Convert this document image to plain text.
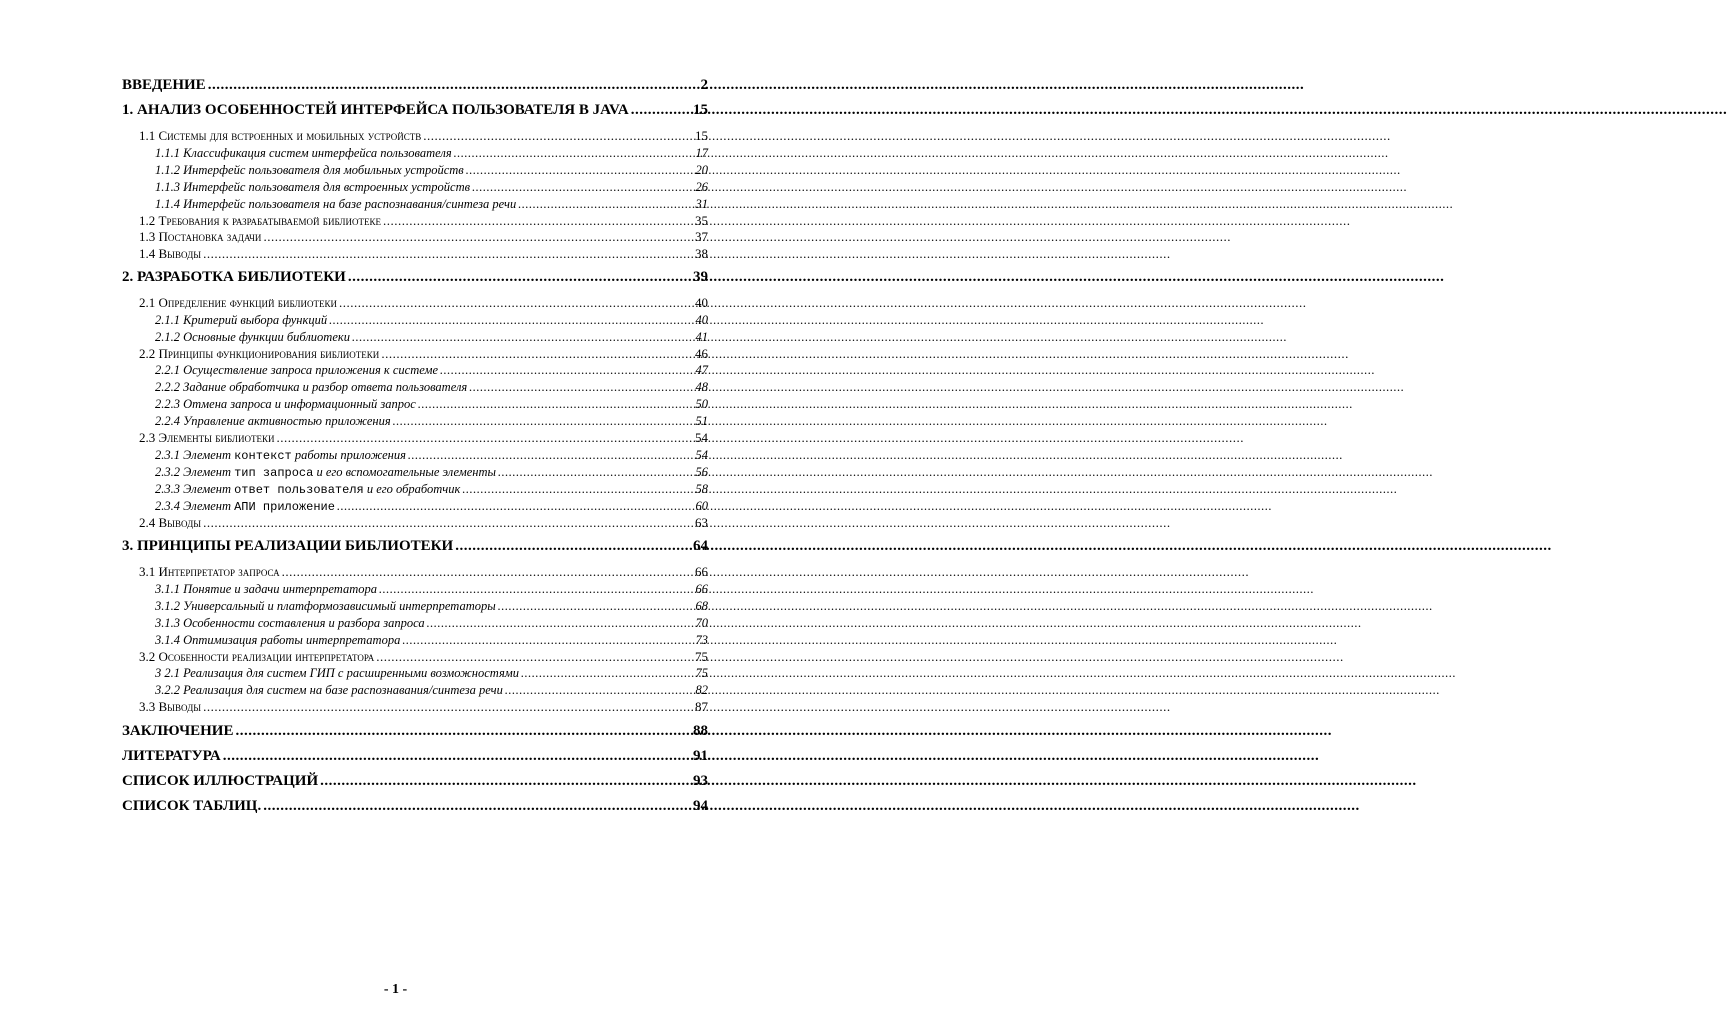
ВВЕДЕНИЕ .....	2
1. АНАЛИЗ ОСОБЕННОСТЕЙ ИНТЕРФЕЙСА ПОЛЬЗОВАТЕЛЯ В JAVA .....	15
1.1 Системы для встроенных и мобильных устройств .....	15
1.1.1 Классификация систем интерфейса пользователя .....	17
1.1.2 Интерфейс пользователя для мобильных устройств .....	20
1.1.3 Интерфейс пользователя для встроенных устройств .....	26
1.1.4 Интерфейс пользователя на базе распознавания/синтеза речи .....	31
1.2 Требования к разрабатываемой библиотеке .....	35
1.3 Постановка задачи .....	37
1.4 Выводы .....	38
2. РАЗРАБОТКА БИБЛИОТЕКИ .....	39
2.1 Определение функций библиотеки .....	40
2.1.1 Критерий выбора функций .....	40
2.1.2 Основные функции библиотеки .....	41
2.2 Принципы функционирования библиотеки .....	46
2.2.1 Осуществление запроса приложения к системе .....	47
2.2.2 Задание обработчика и разбор ответа пользователя .....	48
2.2.3 Отмена запроса и информационный запрос .....	50
2.2.4 Управление активностью приложения .....	51
2.3 Элементы библиотеки .....	54
2.3.1 Элемент контекст работы приложения .....	54
2.3.2 Элемент тип запроса и его вспомогательные элементы .....	56
2.3.3 Элемент ответ пользователя и его обработчик .....	58
2.3.4 Элемент АПИ приложение .....	60
2.4 Выводы .....	63
3. ПРИНЦИПЫ РЕАЛИЗАЦИИ БИБЛИОТЕКИ .....	64
3.1 Интерпретатор запроса .....	66
3.1.1 Понятие и задачи интерпретатора .....	66
3.1.2 Универсальный и платформозависимый интерпретаторы .....	68
3.1.3 Особенности составления и разбора запроса .....	70
3.1.4 Оптимизация работы интерпретатора .....	73
3.2 Особенности реализации интерпретатора .....	75
3 2.1 Реализация для систем ГИП с расширенными возможностями .....	75
3.2.2 Реализация для систем на базе распознавания/синтеза речи .....	82
3.3 Выводы .....	87
ЗАКЛЮЧЕНИЕ .....	88
ЛИТЕРАТУРА .....	91
СПИСОК ИЛЛЮСТРАЦИЙ .....	93
СПИСОК ТАБЛИЦ. .....	94
- 1 -
